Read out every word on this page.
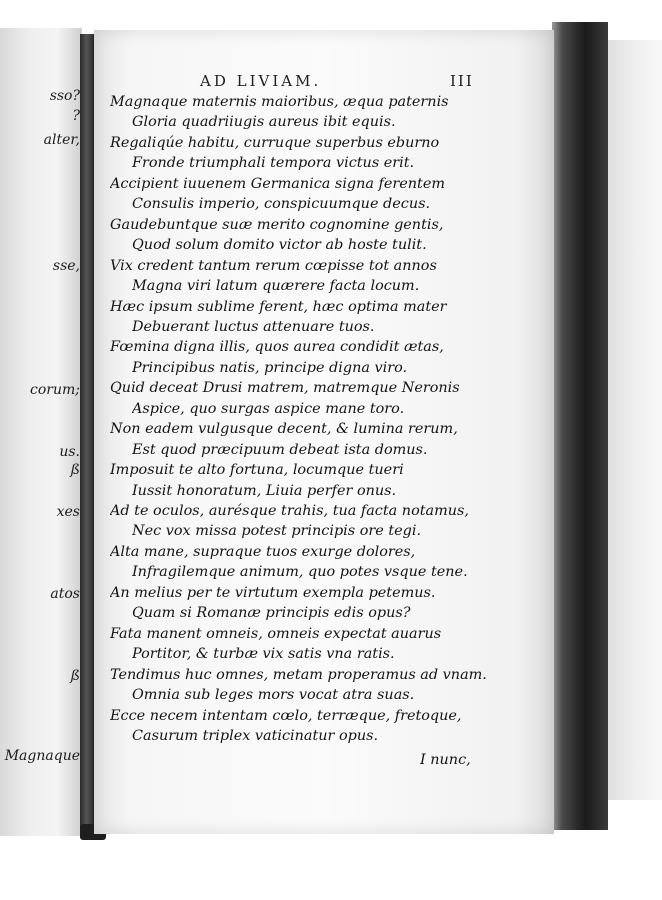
sso?
?
alter,
sse,
corum;
us.
ß
xes
atos
ß
Magnaque
AD LIVIAM.	III
Magnaque maternis maioribus, æqua paternis
Gloria quadriiugis aureus ibit equis.
Regaliqúe habitu, curruque superbus eburno
Fronde triumphali tempora victus erit.
Accipient iuuenem Germanica signa ferentem
Consulis imperio, conspicuumque decus.
Gaudebuntque suæ merito cognomine gentis,
Quod solum domito victor ab hoste tulit.
Vix credent tantum rerum cœpisse tot annos
Magna viri latum quærere facta locum.
Hæc ipsum sublime ferent, hæc optima mater
Debuerant luctus attenuare tuos.
Fœmina digna illis, quos aurea condidit ætas,
Principibus natis, principe digna viro.
Quid deceat Drusi matrem, matremque Neronis
Aspice, quo surgas aspice mane toro.
Non eadem vulgusque decent, & lumina rerum,
Est quod præcipuum debeat ista domus.
Imposuit te alto fortuna, locumque tueri
Iussit honoratum, Liuia perfer onus.
Ad te oculos, aurésque trahis, tua facta notamus,
Nec vox missa potest principis ore tegi.
Alta mane, supraque tuos exurge dolores,
Infragilemque animum, quo potes vsque tene.
An melius per te virtutum exempla petemus.
Quam si Romanæ principis edis opus?
Fata manent omneis, omneis expectat auarus
Portitor, & turbæ vix satis vna ratis.
Tendimus huc omnes, metam properamus ad vnam.
Omnia sub leges mors vocat atra suas.
Ecce necem intentam cœlo, terræque, fretoque,
Casurum triplex vaticinatur opus.
I nunc,
